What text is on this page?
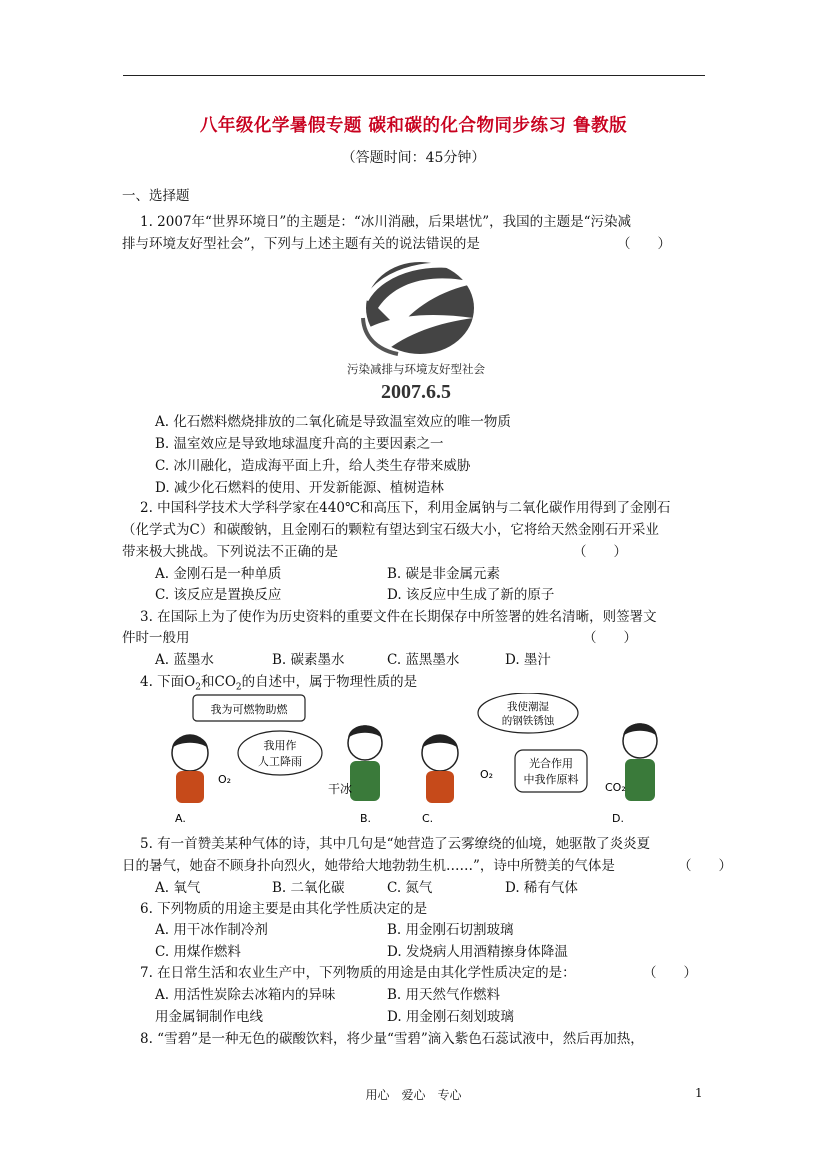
八年级化学暑假专题 碳和碳的化合物同步练习 鲁教版
（答题时间：45分钟）
一、选择题
1. 2007年“世界环境日”的主题是：“冰川消融，后果堪忧”，我国的主题是“污染减
排与环境友好型社会”，下列与上述主题有关的说法错误的是	（　　）
污染减排与环境友好型社会
2007.6.5
A. 化石燃料燃烧排放的二氧化硫是导致温室效应的唯一物质
B. 温室效应是导致地球温度升高的主要因素之一
C. 冰川融化，造成海平面上升，给人类生存带来威胁
D. 减少化石燃料的使用、开发新能源、植树造林
2. 中国科学技术大学科学家在440℃和高压下，利用金属钠与二氧化碳作用得到了金刚石
（化学式为C）和碳酸钠，且金刚石的颗粒有望达到宝石级大小，它将给天然金刚石开采业
带来极大挑战。下列说法不正确的是	（　　）
A. 金刚石是一种单质	B. 碳是非金属元素
C. 该反应是置换反应	D. 该反应中生成了新的原子
3. 在国际上为了使作为历史资料的重要文件在长期保存中所签署的姓名清晰，则签署文
件时一般用	（　　）
A. 蓝墨水	B. 碳素墨水	C. 蓝黑墨水	D. 墨汁
4. 下面$O_2$和$CO_2$的自述中，属于物理性质的是
我为可燃物助燃
O₂
A.
我用作
人工降雨
干冰
B.
我使潮湿
的钢铁锈蚀
O₂
C.
光合作用
中我作原料
CO₂
D.
5. 有一首赞美某种气体的诗，其中几句是“她营造了云雾缭绕的仙境，她驱散了炎炎夏
日的暑气，她奋不顾身扑向烈火，她带给大地勃勃生机……”，诗中所赞美的气体是	（　　）
A. 氧气	B. 二氧化碳	C. 氮气	D. 稀有气体
6. 下列物质的用途主要是由其化学性质决定的是
A. 用干冰作制冷剂	B. 用金刚石切割玻璃
C. 用煤作燃料	D. 发烧病人用酒精擦身体降温
7. 在日常生活和农业生产中，下列物质的用途是由其化学性质决定的是：	（　　）
A. 用活性炭除去冰箱内的异味	B. 用天然气作燃料
用金属铜制作电线	D. 用金刚石刻划玻璃
8. “雪碧”是一种无色的碳酸饮料，将少量“雪碧”滴入紫色石蕊试液中，然后再加热，
用心　爱心　专心	1
